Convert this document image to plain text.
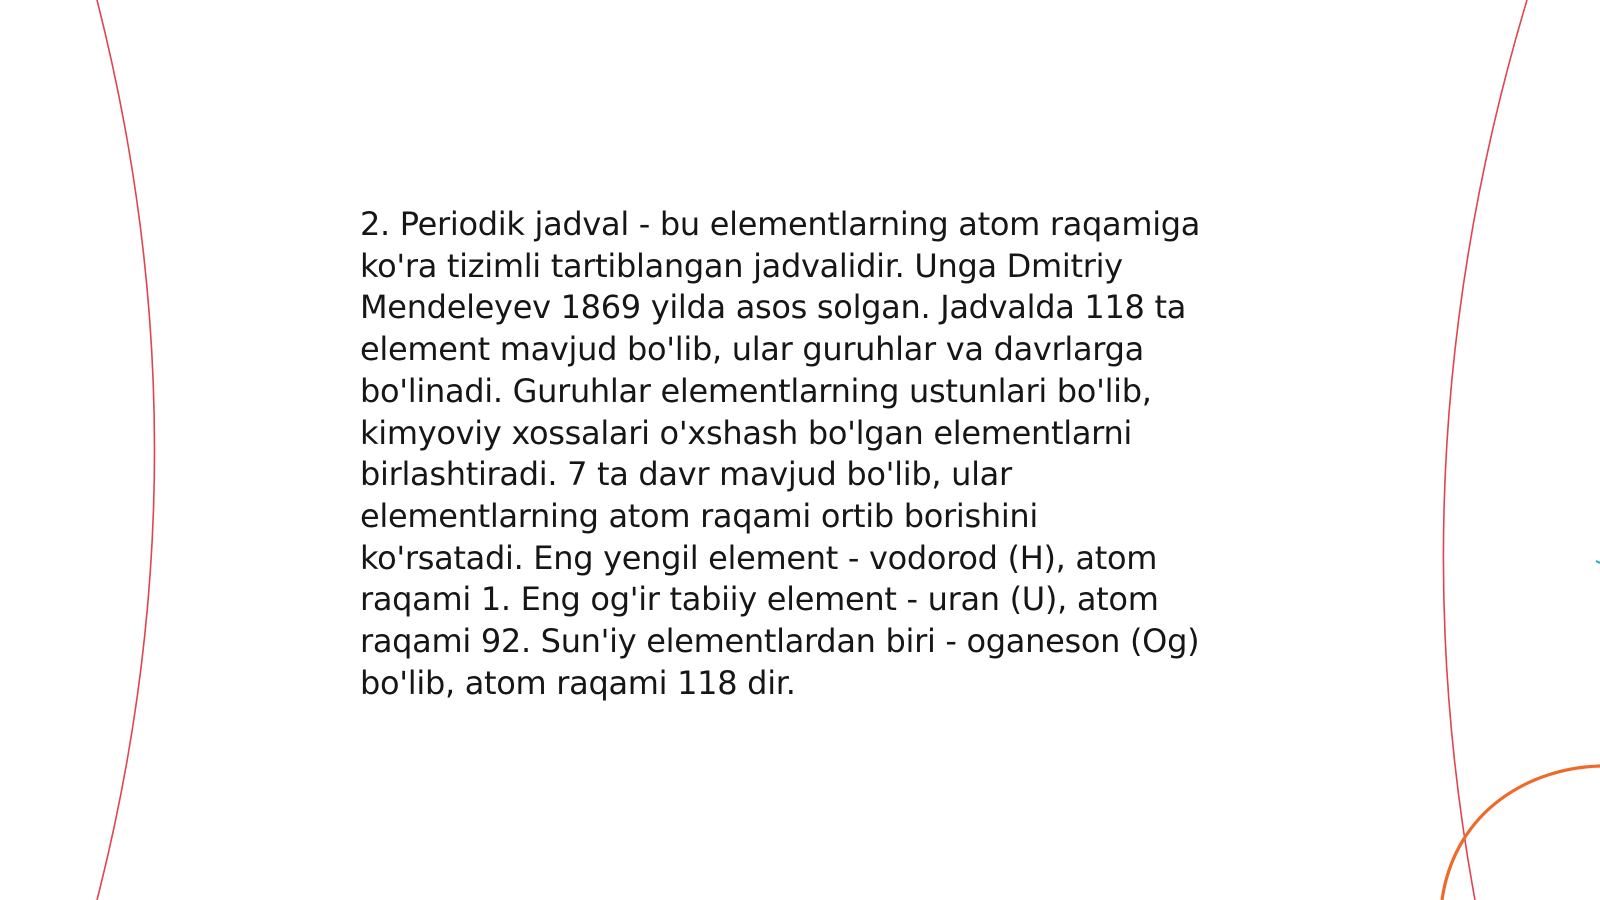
2. Periodik jadval - bu elementlarning atom raqamiga
ko'ra tizimli tartiblangan jadvalidir. Unga Dmitriy
Mendeleyev 1869 yilda asos solgan. Jadvalda 118 ta
element mavjud bo'lib, ular guruhlar va davrlarga
bo'linadi. Guruhlar elementlarning ustunlari bo'lib,
kimyoviy xossalari o'xshash bo'lgan elementlarni
birlashtiradi. 7 ta davr mavjud bo'lib, ular
elementlarning atom raqami ortib borishini
ko'rsatadi. Eng yengil element - vodorod (H), atom
raqami 1. Eng og'ir tabiiy element - uran (U), atom
raqami 92. Sun'iy elementlardan biri - oganeson (Og)
bo'lib, atom raqami 118 dir.
